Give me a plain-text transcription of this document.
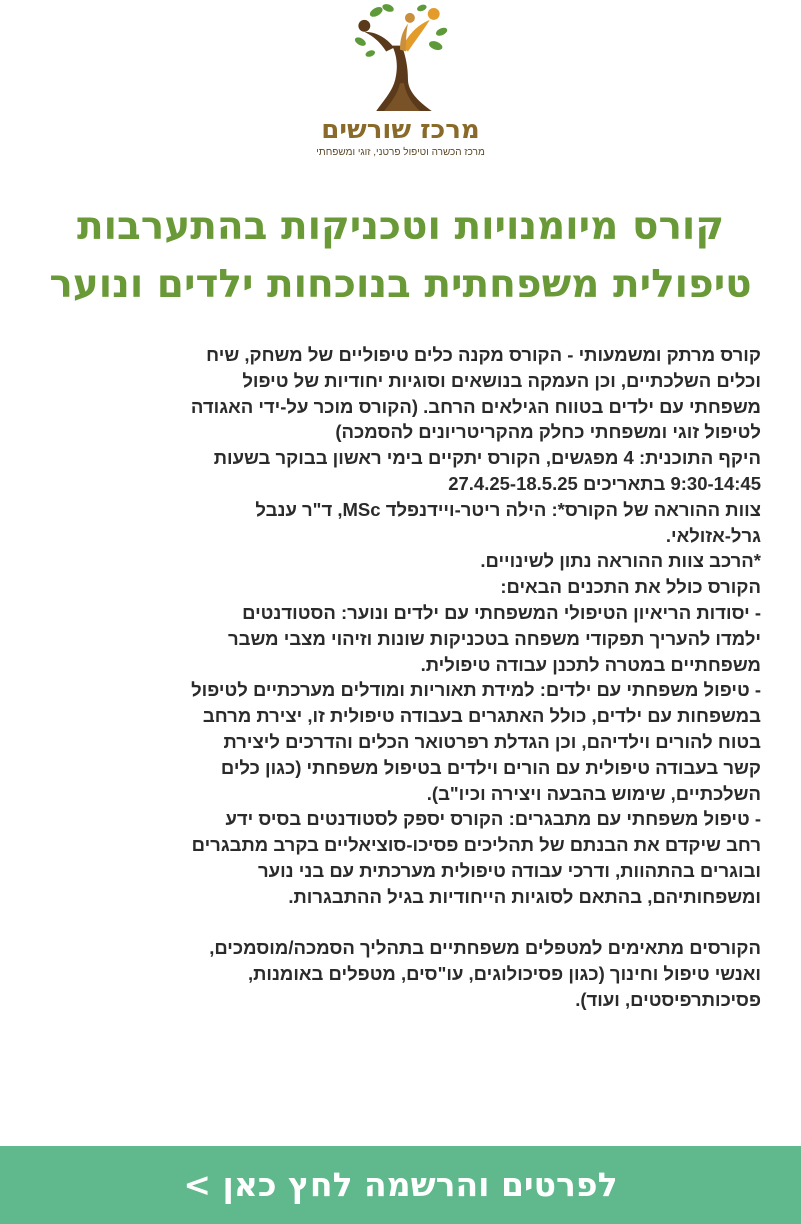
מרכז שורשים
מרכז הכשרה וטיפול פרטני, זוגי ומשפחתי
קורס מיומנויות וטכניקות בהתערבות
טיפולית משפחתית בנוכחות ילדים ונוער
קורס מרתק ומשמעותי - הקורס מקנה כלים טיפוליים של משחק, שיח
וכלים השלכתיים, וכן העמקה בנושאים וסוגיות יחודיות של טיפול
משפחתי עם ילדים בטווח הגילאים הרחב. (הקורס מוכר על-ידי האגודה
לטיפול זוגי ומשפחתי כחלק מהקריטריונים להסמכה)
היקף התוכנית: 4 מפגשים, הקורס יתקיים בימי ראשון בבוקר בשעות
9:30-14:45 בתאריכים 27.4.25-18.5.25
צוות ההוראה של הקורס*: הילה ריטר-ויידנפלד MSc, ד"ר ענבל
גרל-אזולאי.
*הרכב צוות ההוראה נתון לשינויים.
הקורס כולל את התכנים הבאים:
- יסודות הריאיון הטיפולי המשפחתי עם ילדים ונוער: הסטודנטים
ילמדו להעריך תפקודי משפחה בטכניקות שונות וזיהוי מצבי משבר
משפחתיים במטרה לתכנן עבודה טיפולית.
- טיפול משפחתי עם ילדים: למידת תאוריות ומודלים מערכתיים לטיפול
במשפחות עם ילדים, כולל האתגרים בעבודה טיפולית זו, יצירת מרחב
בטוח להורים וילדיהם, וכן הגדלת רפרטואר הכלים והדרכים ליצירת
קשר בעבודה טיפולית עם הורים וילדים בטיפול משפחתי (כגון כלים
השלכתיים, שימוש בהבעה ויצירה וכיו"ב).
- טיפול משפחתי עם מתבגרים: הקורס יספק לסטודנטים בסיס ידע
רחב שיקדם את הבנתם של תהליכים פסיכו-סוציאליים בקרב מתבגרים
ובוגרים בהתהוות, ודרכי עבודה טיפולית מערכתית עם בני נוער
ומשפחותיהם, בהתאם לסוגיות הייחודיות בגיל ההתבגרות.
הקורסים מתאימים למטפלים משפחתיים בתהליך הסמכה/מוסמכים,
ואנשי טיפול וחינוך (כגון פסיכולוגים, עו"סים, מטפלים באומנות,
פסיכותרפיסטים, ועוד).
לפרטים והרשמה לחץ כאן >
